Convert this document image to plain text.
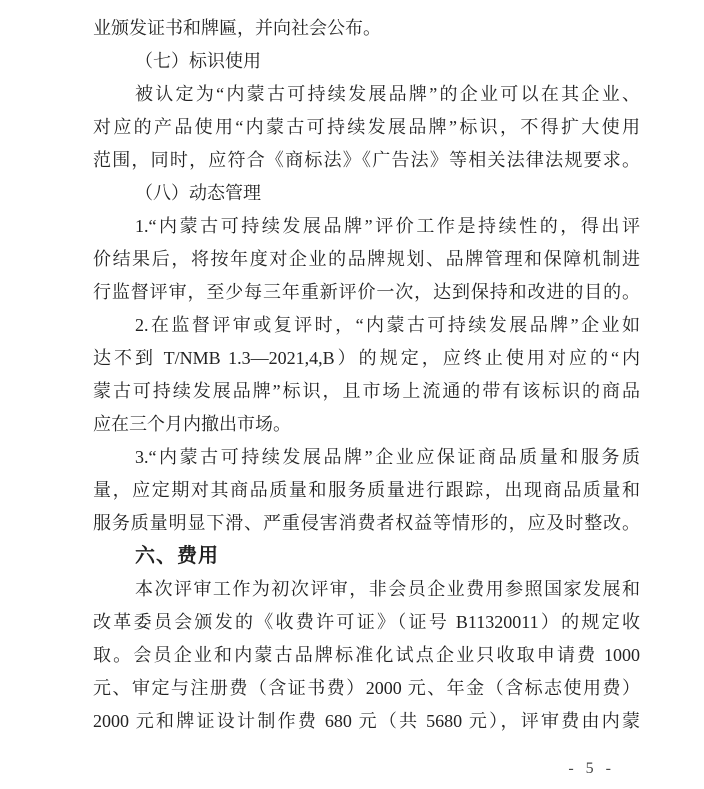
业颁发证书和牌匾，并向社会公布。
（七）标识使用
被认定为“内蒙古可持续发展品牌”的企业可以在其企业、
对应的产品使用“内蒙古可持续发展品牌”标识，不得扩大使用
范围，同时，应符合《商标法》《广告法》等相关法律法规要求。
（八）动态管理
1.“内蒙古可持续发展品牌”评价工作是持续性的，得出评
价结果后，将按年度对企业的品牌规划、品牌管理和保障机制进
行监督评审，至少每三年重新评价一次，达到保持和改进的目的。
2.在监督评审或复评时，“内蒙古可持续发展品牌”企业如
达不到 T/NMB 1.3—2021,4,B）的规定，应终止使用对应的“内
蒙古可持续发展品牌”标识，且市场上流通的带有该标识的商品
应在三个月内撤出市场。
3.“内蒙古可持续发展品牌”企业应保证商品质量和服务质
量，应定期对其商品质量和服务质量进行跟踪，出现商品质量和
服务质量明显下滑、严重侵害消费者权益等情形的，应及时整改。
六、费用
本次评审工作为初次评审，非会员企业费用参照国家发展和
改革委员会颁发的《收费许可证》（证号 B11320011）的规定收
取。会员企业和内蒙古品牌标准化试点企业只收取申请费 1000
元、审定与注册费（含证书费）2000 元、年金（含标志使用费）
2000 元和牌证设计制作费 680 元（共 5680 元），评审费由内蒙
- 5 -
